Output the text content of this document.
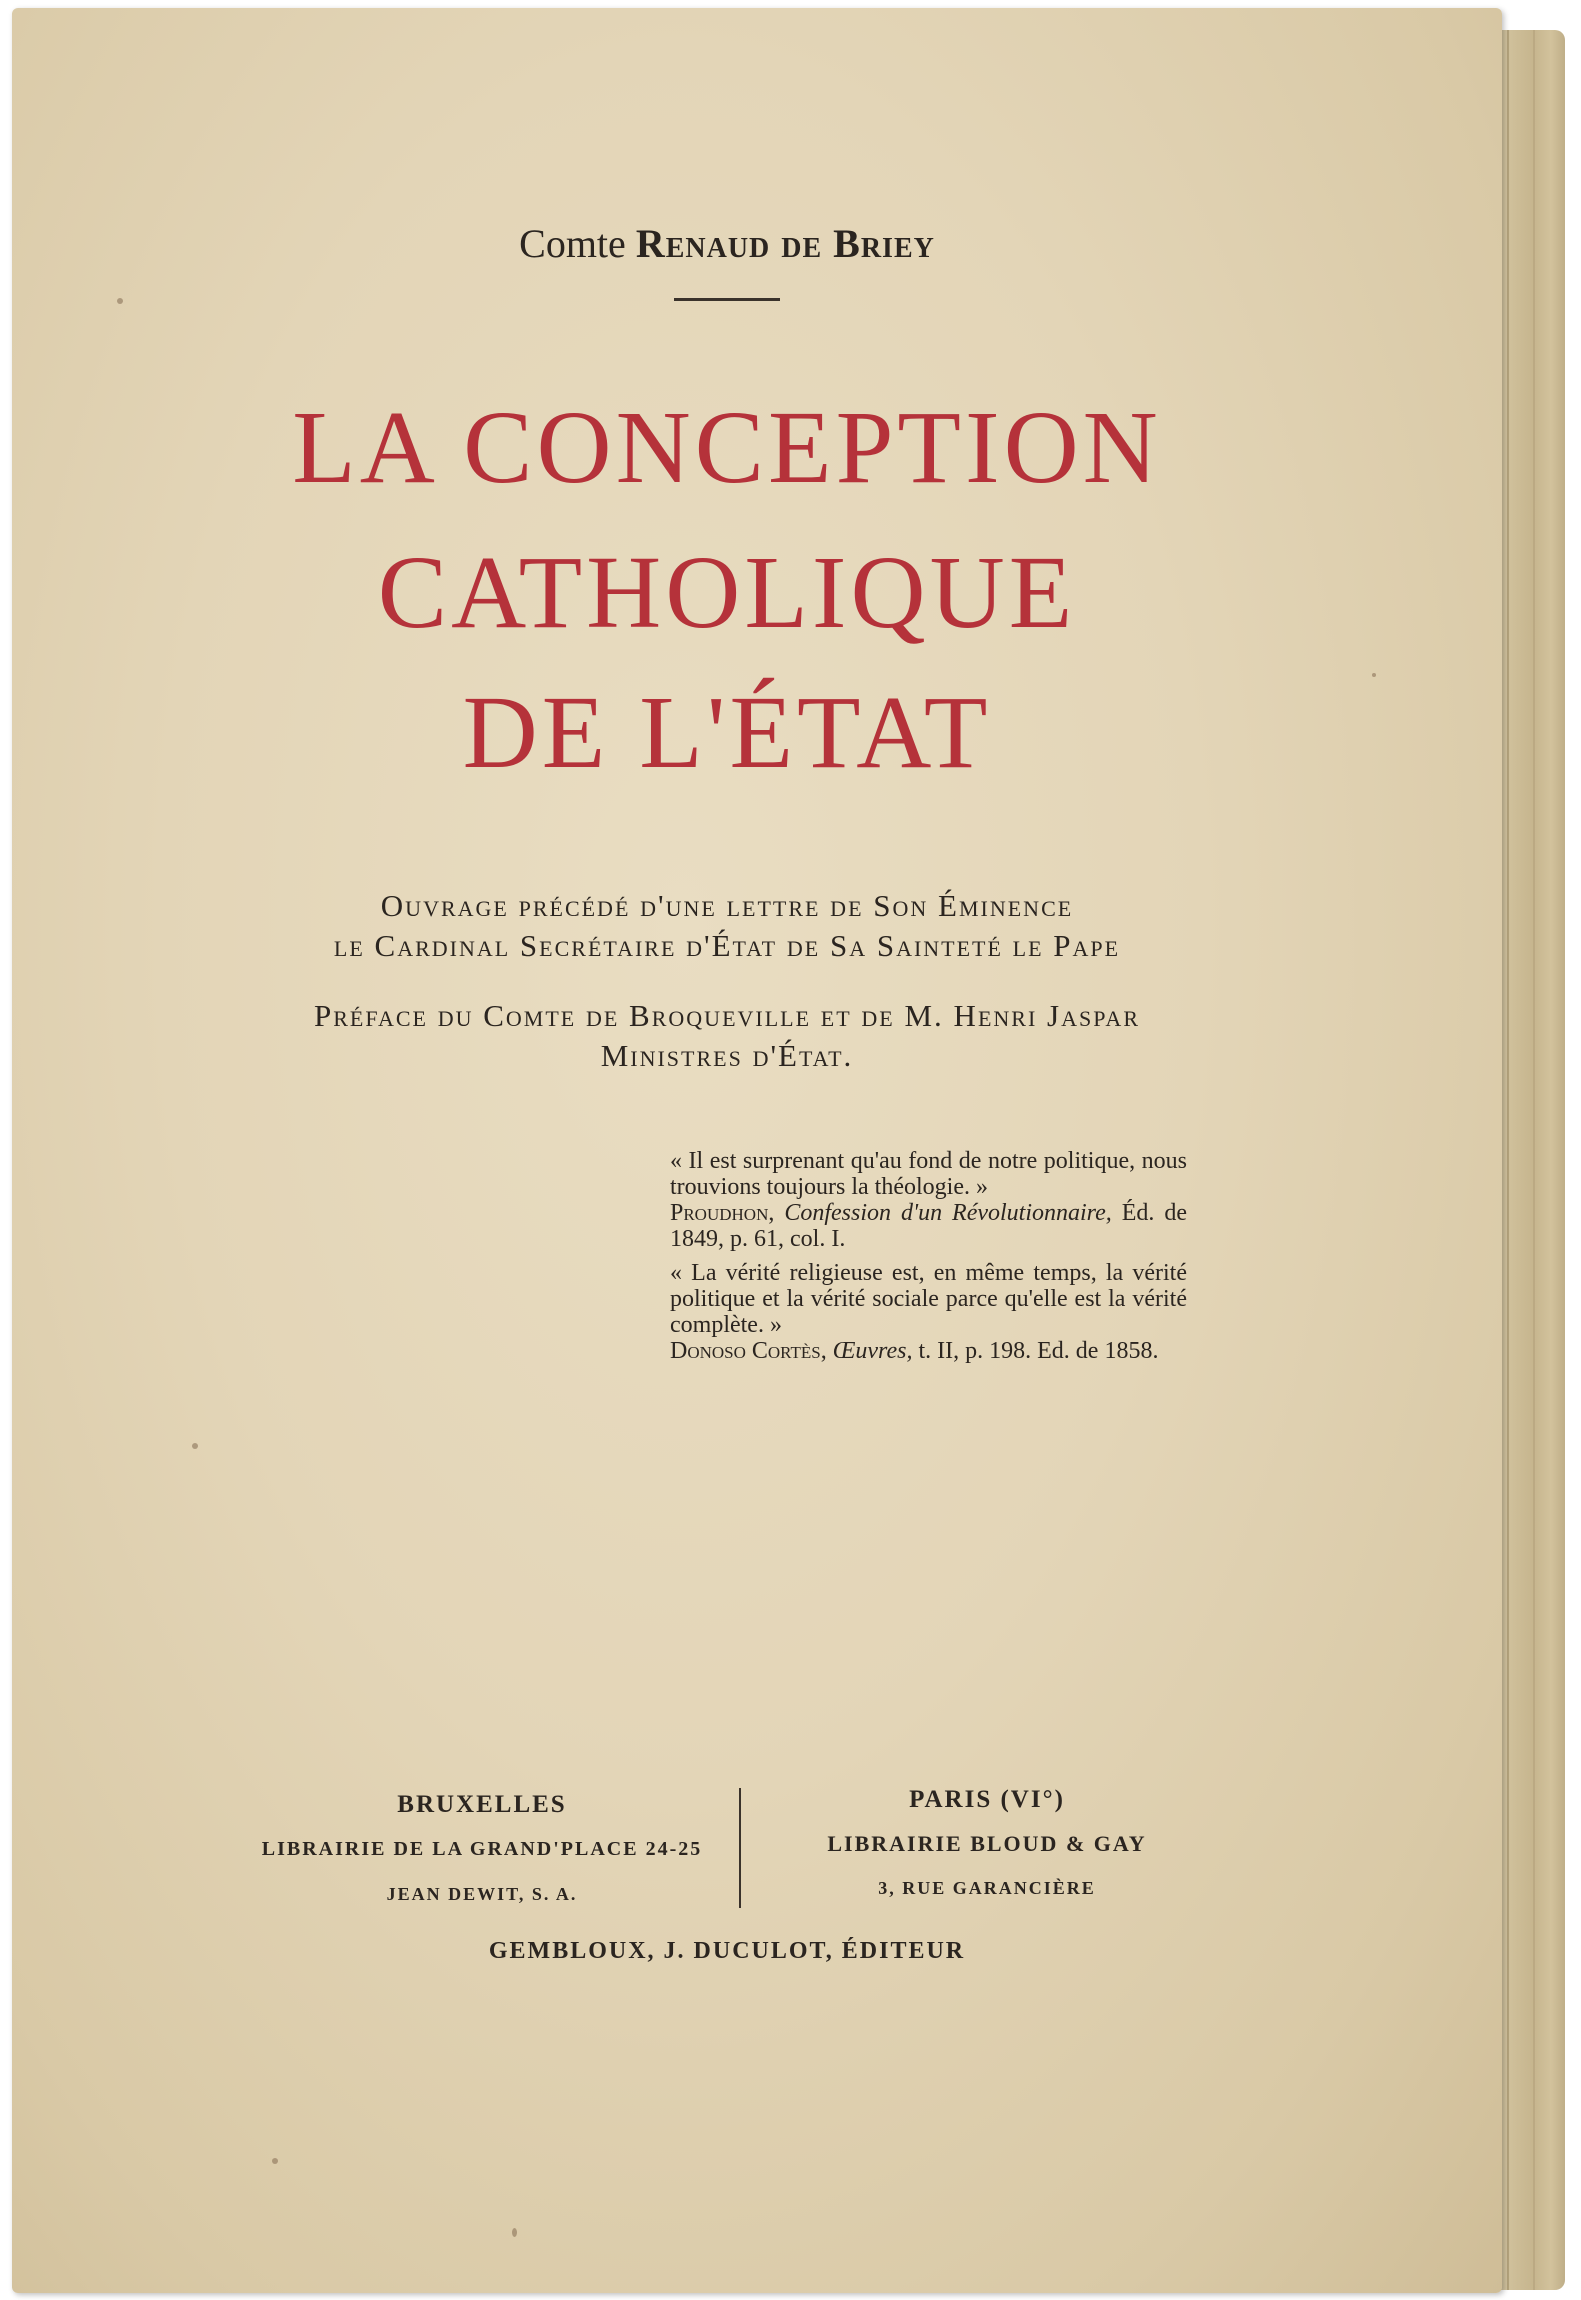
Comte Renaud de Briey
LA CONCEPTION
CATHOLIQUE
DE L'ÉTAT
Ouvrage précédé d'une lettre de Son Éminence
le Cardinal Secrétaire d'État de Sa Sainteté le Pape
Préface du Comte de Broqueville et de M. Henri Jaspar
Ministres d'État.
« Il est surprenant qu'au fond de notre politique, nous trouvions toujours la théologie. »
Proudhon, Confession d'un Révolutionnaire, Éd. de 1849, p. 61, col. I.
« La vérité religieuse est, en même temps, la vérité politique et la vérité sociale parce qu'elle est la vérité complète. »
Donoso Cortès, Œuvres, t. II, p. 198. Ed. de 1858.
BRUXELLES
LIBRAIRIE DE LA GRAND'PLACE 24-25
JEAN DEWIT, S. A.
PARIS (VI°)
LIBRAIRIE BLOUD & GAY
3, RUE GARANCIÈRE
GEMBLOUX, J. DUCULOT, ÉDITEUR
